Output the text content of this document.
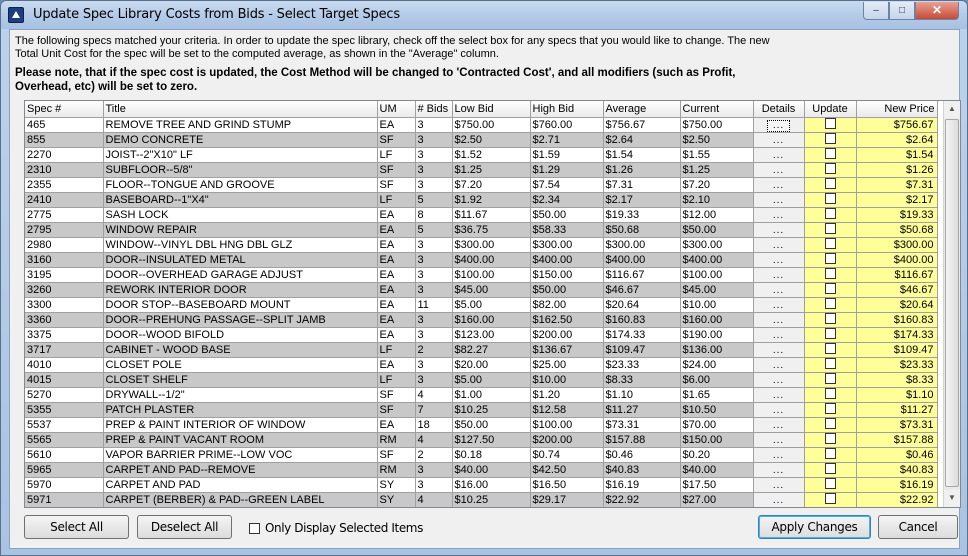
Update Spec Library Costs from Bids - Select Target Specs	–	□	✕
The following specs matched your criteria. In order to update the spec library, check off the select box for any specs that you would like to change. The new Total Unit Cost for the spec will be set to the computed average, as shown in the "Average" column.
Please note, that if the spec cost is updated, the Cost Method will be changed to 'Contracted Cost', and all modifiers (such as Profit, Overhead, etc) will be set to zero.
Spec #	Title	UM	# Bids	Low Bid	High Bid	Average	Current	Details	Update	New Price
465	REMOVE TREE AND GRIND STUMP	EA	3	$750.00	$760.00	$756.67	$750.00	...		$756.67
855	DEMO CONCRETE	SF	3	$2.50	$2.71	$2.64	$2.50	...		$2.64
2270	JOIST--2"X10" LF	LF	3	$1.52	$1.59	$1.54	$1.55	...		$1.54
2310	SUBFLOOR--5/8"	SF	3	$1.25	$1.29	$1.26	$1.25	...		$1.26
2355	FLOOR--TONGUE AND GROOVE	SF	3	$7.20	$7.54	$7.31	$7.20	...		$7.31
2410	BASEBOARD--1"X4"	LF	5	$1.92	$2.34	$2.17	$2.10	...		$2.17
2775	SASH LOCK	EA	8	$11.67	$50.00	$19.33	$12.00	...		$19.33
2795	WINDOW REPAIR	EA	5	$36.75	$58.33	$50.68	$50.00	...		$50.68
2980	WINDOW--VINYL DBL HNG DBL GLZ	EA	3	$300.00	$300.00	$300.00	$300.00	...		$300.00
3160	DOOR--INSULATED METAL	EA	3	$400.00	$400.00	$400.00	$400.00	...		$400.00
3195	DOOR--OVERHEAD GARAGE ADJUST	EA	3	$100.00	$150.00	$116.67	$100.00	...		$116.67
3260	REWORK INTERIOR DOOR	EA	3	$45.00	$50.00	$46.67	$45.00	...		$46.67
3300	DOOR STOP--BASEBOARD MOUNT	EA	11	$5.00	$82.00	$20.64	$10.00	...		$20.64
3360	DOOR--PREHUNG PASSAGE--SPLIT JAMB	EA	3	$160.00	$162.50	$160.83	$160.00	...		$160.83
3375	DOOR--WOOD BIFOLD	EA	3	$123.00	$200.00	$174.33	$190.00	...		$174.33
3717	CABINET - WOOD BASE	LF	2	$82.27	$136.67	$109.47	$136.00	...		$109.47
4010	CLOSET POLE	EA	3	$20.00	$25.00	$23.33	$24.00	...		$23.33
4015	CLOSET SHELF	LF	3	$5.00	$10.00	$8.33	$6.00	...		$8.33
5270	DRYWALL--1/2"	SF	4	$1.00	$1.20	$1.10	$1.65	...		$1.10
5355	PATCH PLASTER	SF	7	$10.25	$12.58	$11.27	$10.50	...		$11.27
5537	PREP & PAINT INTERIOR OF WINDOW	EA	18	$50.00	$100.00	$73.31	$70.00	...		$73.31
5565	PREP & PAINT VACANT ROOM	RM	4	$127.50	$200.00	$157.88	$150.00	...		$157.88
5610	VAPOR BARRIER PRIME--LOW VOC	SF	2	$0.18	$0.74	$0.46	$0.20	...		$0.46
5965	CARPET AND PAD--REMOVE	RM	3	$40.00	$42.50	$40.83	$40.00	...		$40.83
5970	CARPET AND PAD	SY	3	$16.00	$16.50	$16.19	$17.50	...		$16.19
5971	CARPET (BERBER) & PAD--GREEN LABEL	SY	4	$10.25	$29.17	$22.92	$27.00	...		$22.92
▲
▼
Select All	Deselect All	Only Display Selected Items	Apply Changes	Cancel
